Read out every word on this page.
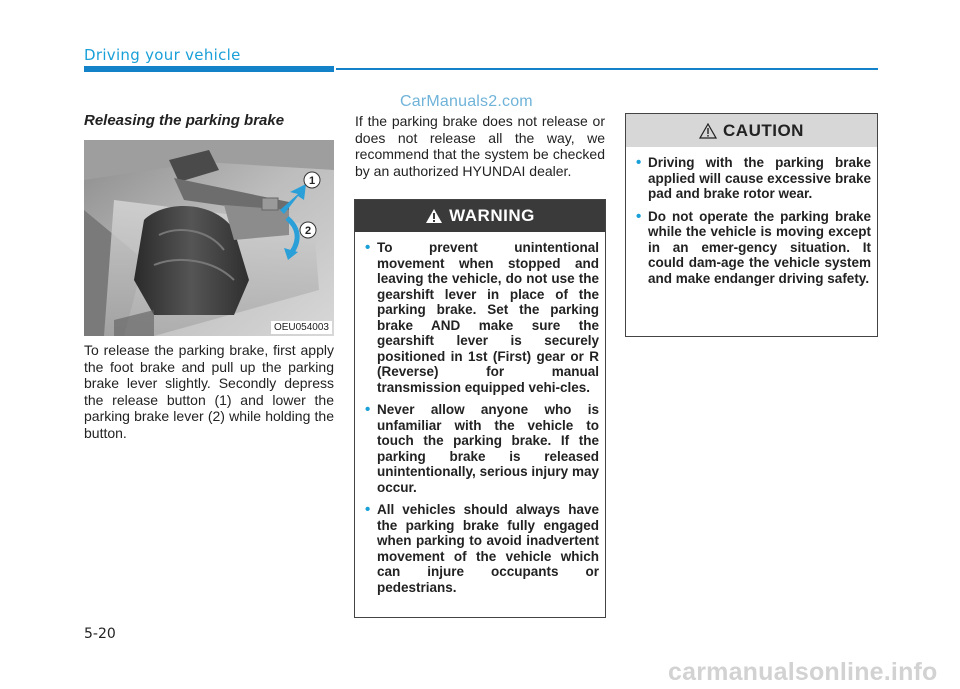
Driving your vehicle
CarManuals2.com
Releasing the parking brake
1
2
OEU054003

To release the parking brake, first apply the foot brake and pull up the parking brake lever slightly. Secondly depress the release button (1) and lower the parking brake lever (2) while holding the button.

If the parking brake does not release or does not release all the way, we recommend that the system be checked by an authorized HYUNDAI dealer.

WARNING
• To prevent unintentional movement when stopped and leaving the vehicle, do not use the gearshift lever in place of the parking brake. Set the parking brake AND make sure the gearshift lever is securely positioned in 1st (First) gear or R (Reverse) for manual transmission equipped vehi-cles.
• Never allow anyone who is unfamiliar with the vehicle to touch the parking brake. If the parking brake is released unintentionally, serious injury may occur.
• All vehicles should always have the parking brake fully engaged when parking to avoid inadvertent movement of the vehicle which can injure occupants or pedestrians.
CAUTION
• Driving with the parking brake applied will cause excessive brake pad and brake rotor wear.
• Do not operate the parking brake while the vehicle is moving except in an emer-gency situation. It could dam-age the vehicle system and make endanger driving safety.
5-20
carmanualsonline.info
